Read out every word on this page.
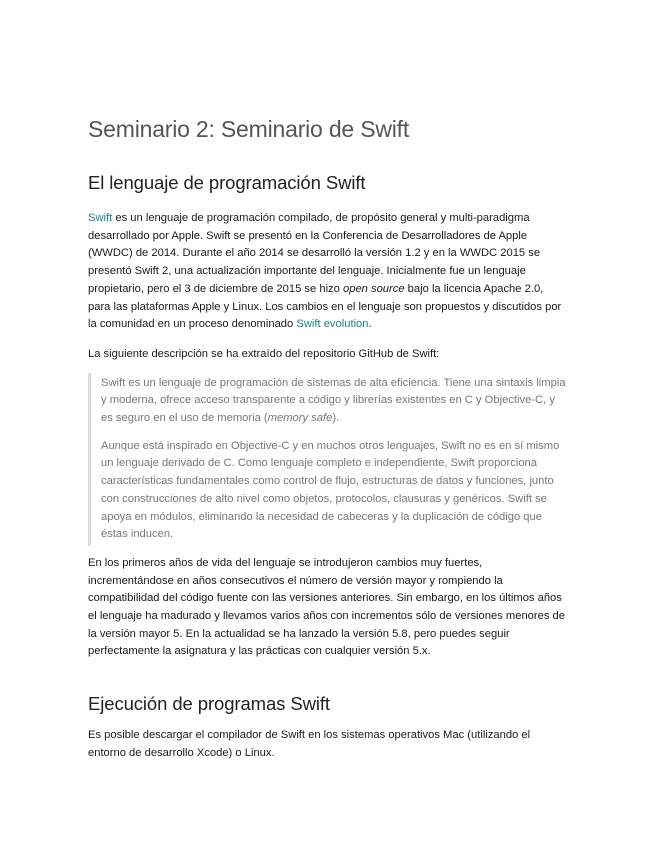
Seminario 2: Seminario de Swift
El lenguaje de programación Swift

Swift es un lenguaje de programación compilado, de propósito general y multi-paradigma desarrollado por Apple. Swift se presentó en la Conferencia de Desarrolladores de Apple (WWDC) de 2014. Durante el año 2014 se desarrolló la versión 1.2 y en la WWDC 2015 se presentó Swift 2, una actualización importante del lenguaje. Inicialmente fue un lenguaje propietario, pero el 3 de diciembre de 2015 se hizo open source bajo la licencia Apache 2.0, para las plataformas Apple y Linux. Los cambios en el lenguaje son propuestos y discutidos por la comunidad en un proceso denominado Swift evolution.

La siguiente descripción se ha extraído del repositorio GitHub de Swift:

Swift es un lenguaje de programación de sistemas de alta eficiencia. Tiene una sintaxis limpia y moderna, ofrece acceso transparente a código y librerías existentes en C y Objective-C, y es seguro en el uso de memoria (memory safe).

Aunque está inspirado en Objective-C y en muchos otros lenguajes, Swift no es en sí mismo un lenguaje derivado de C. Como lenguaje completo e independiente, Swift proporciona características fundamentales como control de flujo, estructuras de datos y funciones, junto con construcciones de alto nivel como objetos, protocolos, clausuras y genéricos. Swift se apoya en módulos, eliminando la necesidad de cabeceras y la duplicación de código que éstas inducen.

En los primeros años de vida del lenguaje se introdujeron cambios muy fuertes, incrementándose en años consecutivos el número de versión mayor y rompiendo la compatibilidad del código fuente con las versiones anteriores. Sin embargo, en los últimos años el lenguaje ha madurado y llevamos varios años con incrementos sólo de versiones menores de la versión mayor 5. En la actualidad se ha lanzado la versión 5.8, pero puedes seguir perfectamente la asignatura y las prácticas con cualquier versión 5.x.

Ejecución de programas Swift

Es posible descargar el compilador de Swift en los sistemas operativos Mac (utilizando el entorno de desarrollo Xcode) o Linux.
